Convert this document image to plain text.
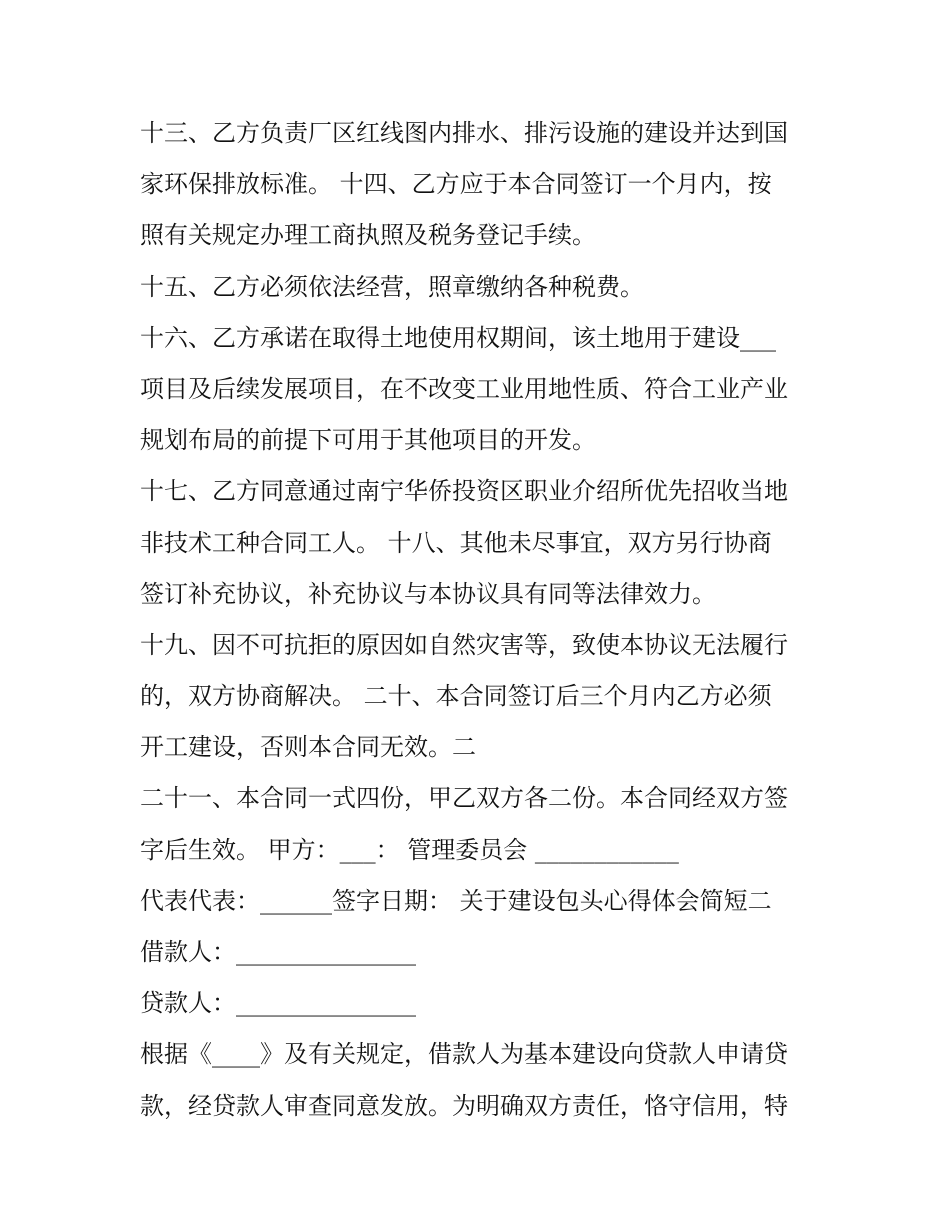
十三、乙方负责厂区红线图内排水、排污设施的建设并达到国
家环保排放标准。 十四、乙方应于本合同签订一个月内，按
照有关规定办理工商执照及税务登记手续。
十五、乙方必须依法经营，照章缴纳各种税费。
十六、乙方承诺在取得土地使用权期间，该土地用于建设___
项目及后续发展项目，在不改变工业用地性质、符合工业产业
规划布局的前提下可用于其他项目的开发。
十七、乙方同意通过南宁华侨投资区职业介绍所优先招收当地
非技术工种合同工人。 十八、其他未尽事宜，双方另行协商
签订补充协议，补充协议与本协议具有同等法律效力。
十九、因不可抗拒的原因如自然灾害等，致使本协议无法履行
的，双方协商解决。 二十、本合同签订后三个月内乙方必须
开工建设，否则本合同无效。二
二十一、本合同一式四份，甲乙双方各二份。本合同经双方签
字后生效。 甲方：___： 管理委员会 ____________
代表代表：______签字日期： 关于建设包头心得体会简短二
借款人：_______________
贷款人：_______________
根据《____》及有关规定，借款人为基本建设向贷款人申请贷
款，经贷款人审查同意发放。为明确双方责任，恪守信用，特
